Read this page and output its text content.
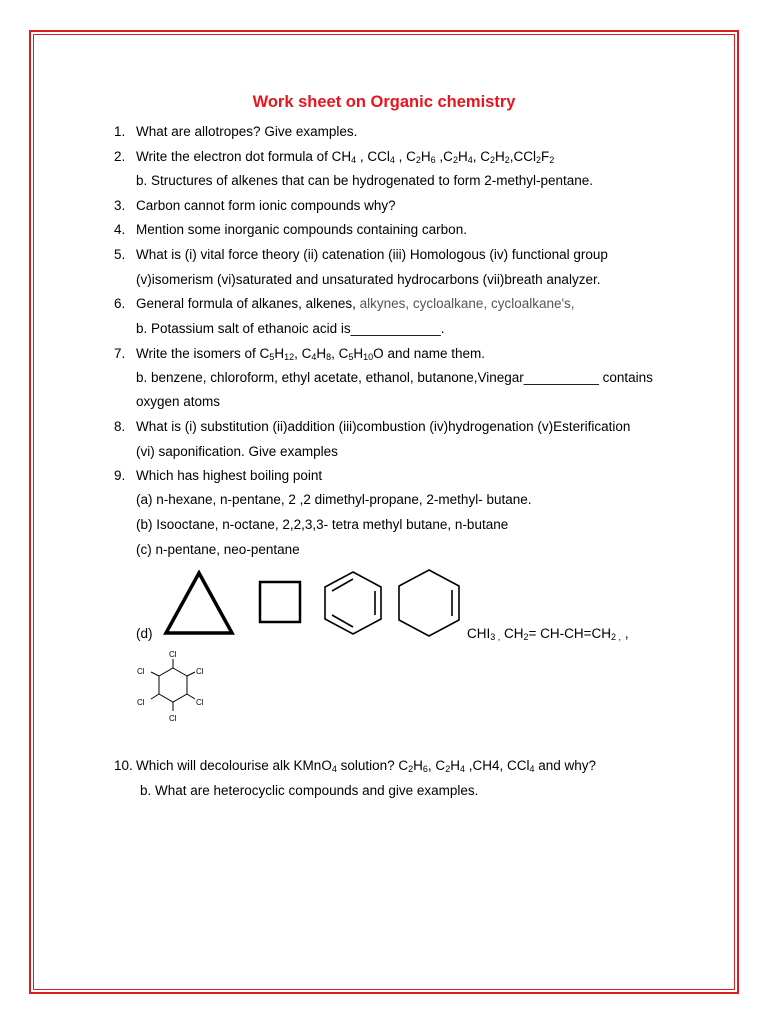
Work sheet on Organic chemistry
1. What are allotropes? Give examples.
2. Write the electron dot formula of $CH_4$ , CCl$_4$ , $C_2H_6$ $,C_2H_4$, $C_2H_2,CCl_2F_2$
b. Structures of alkenes that can be hydrogenated to form 2-methyl-pentane.
3. Carbon cannot form ionic compounds why?
4. Mention some inorganic compounds containing carbon.
5. What is (i) vital force theory (ii) catenation (iii) Homologous (iv) functional group
(v)isomerism (vi)saturated and unsaturated hydrocarbons (vii)breath analyzer.
6. General formula of alkanes, alkenes, alkynes, cycloalkane, cycloalkane's,
b. Potassium salt of ethanoic acid is____________.
7. Write the isomers of $C_5H_{12}$, $C_4H_8$, $C_5H_{10}O$ and name them.
b. benzene, chloroform, ethyl acetate, ethanol, butanone,Vinegar__________ contains
oxygen atoms
8. What is (i) substitution (ii)addition (iii)combustion (iv)hydrogenation (v)Esterification
(vi) saponification. Give examples
9. Which has highest boiling point
(a) n-hexane, n-pentane, 2 ,2 dimethyl-propane, 2-methyl- butane.
(b) Isooctane, n-octane, 2,2,3,3- tetra methyl butane, n-butane
(c) n-pentane, neo-pentane
(d)	$CHI_{3 ,}$ $CH_2= CH-CH=CH_{2 ,}$ ,
Cl
Cl
Cl
Cl
Cl
Cl
10. Which will decolourise alk KMnO$_4$ solution? $C_2H_6$, $C_2H_4$ ,CH4, CCl$_4$ and why?
b. What are heterocyclic compounds and give examples.
